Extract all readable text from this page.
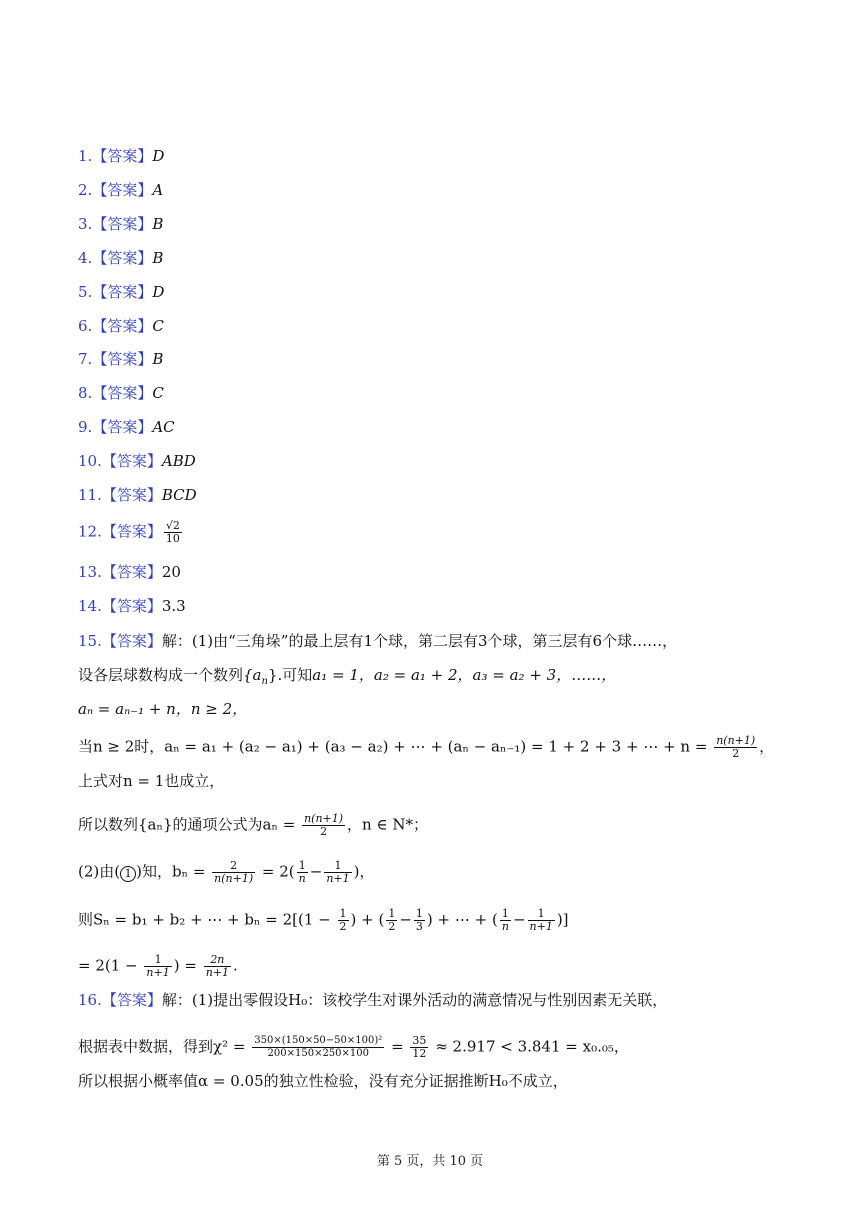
1.【答案】D
2.【答案】A
3.【答案】B
4.【答案】B
5.【答案】D
6.【答案】C
7.【答案】B
8.【答案】C
9.【答案】AC
10.【答案】ABD
11.【答案】BCD
12.【答案】 $\frac{√2}{10}$
13.【答案】20
14.【答案】3.3
15.【答案】解：(1)由“三角垛”的最上层有1个球，第二层有3个球，第三层有6个球……，
设各层球数构成一个数列$\{a_n\}$.可知a₁ = 1，a₂ = a₁ + 2，a₃ = a₂ + 3，……，
aₙ = aₙ₋₁ + n，n ≥ 2，
当n ≥ 2时，aₙ = a₁ + (a₂ − a₁) + (a₃ − a₂) + ⋯ + (aₙ − aₙ₋₁) = 1 + 2 + 3 + ⋯ + $n = \frac{n(n+1)}{2}$ ，
上式对n = 1也成立，
所以数列{aₙ}的通项公式为$a_n = \frac{n(n+1)}{2}$ ，n ∈ N*；
(2)由( 1 )知，$b_n = \frac{2}{n(n+1)} = 2( \frac{1}{n} - \frac{1}{n+1}$ )，
则Sₙ = b₁ + b₂ + ⋯ + $b_n = 2[(1 - \frac{1}{2}$ ) + ( $\frac{1}{2} - \frac{1}{3}$ ) + ⋯ + ( $\frac{1}{n} - \frac{1}{n+1}$ )]
= $2(1 - \frac{1}{n+1}$ ) = $\frac{2n}{n+1}$ .
16.【答案】解：(1)提出零假设H₀：该校学生对课外活动的满意情况与性别因素无关联，
根据表中数据，得到$\chi^2 = \frac{\text{350×(150×50−50×100)²}}{200\times 150\times 250\times 100} = \frac{35}{12} \approx 2.917 < 3.841 = x_0._{05}$，
所以根据小概率值α = 0.05的独立性检验，没有充分证据推断H₀不成立，
第 5 页，共 10 页
